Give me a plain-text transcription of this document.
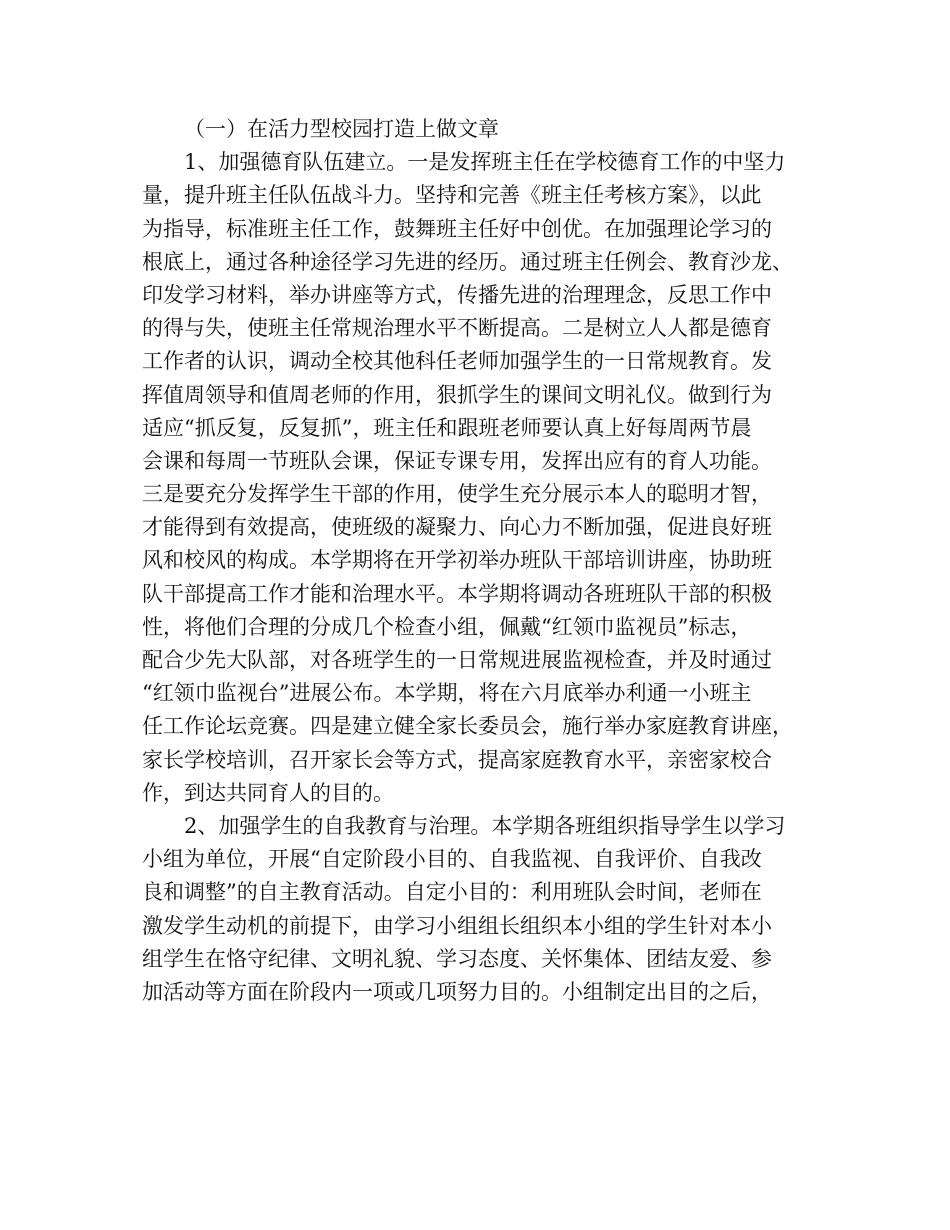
（一）在活力型校园打造上做文章
1、加强德育队伍建立。一是发挥班主任在学校德育工作的中坚力
量，提升班主任队伍战斗力。坚持和完善《班主任考核方案》，以此
为指导，标准班主任工作，鼓舞班主任好中创优。在加强理论学习的
根底上，通过各种途径学习先进的经历。通过班主任例会、教育沙龙、
印发学习材料，举办讲座等方式，传播先进的治理理念，反思工作中
的得与失，使班主任常规治理水平不断提高。二是树立人人都是德育
工作者的认识，调动全校其他科任老师加强学生的一日常规教育。发
挥值周领导和值周老师的作用，狠抓学生的课间文明礼仪。做到行为
适应“抓反复，反复抓”，班主任和跟班老师要认真上好每周两节晨
会课和每周一节班队会课，保证专课专用，发挥出应有的育人功能。
三是要充分发挥学生干部的作用，使学生充分展示本人的聪明才智，
才能得到有效提高，使班级的凝聚力、向心力不断加强，促进良好班
风和校风的构成。本学期将在开学初举办班队干部培训讲座，协助班
队干部提高工作才能和治理水平。本学期将调动各班班队干部的积极
性，将他们合理的分成几个检查小组，佩戴“红领巾监视员”标志，
配合少先大队部，对各班学生的一日常规进展监视检查，并及时通过
“红领巾监视台”进展公布。本学期，将在六月底举办利通一小班主
任工作论坛竞赛。四是建立健全家长委员会，施行举办家庭教育讲座，
家长学校培训，召开家长会等方式，提高家庭教育水平，亲密家校合
作，到达共同育人的目的。
2、加强学生的自我教育与治理。本学期各班组织指导学生以学习
小组为单位，开展“自定阶段小目的、自我监视、自我评价、自我改
良和调整”的自主教育活动。自定小目的：利用班队会时间，老师在
激发学生动机的前提下，由学习小组组长组织本小组的学生针对本小
组学生在恪守纪律、文明礼貌、学习态度、关怀集体、团结友爱、参
加活动等方面在阶段内一项或几项努力目的。小组制定出目的之后，
